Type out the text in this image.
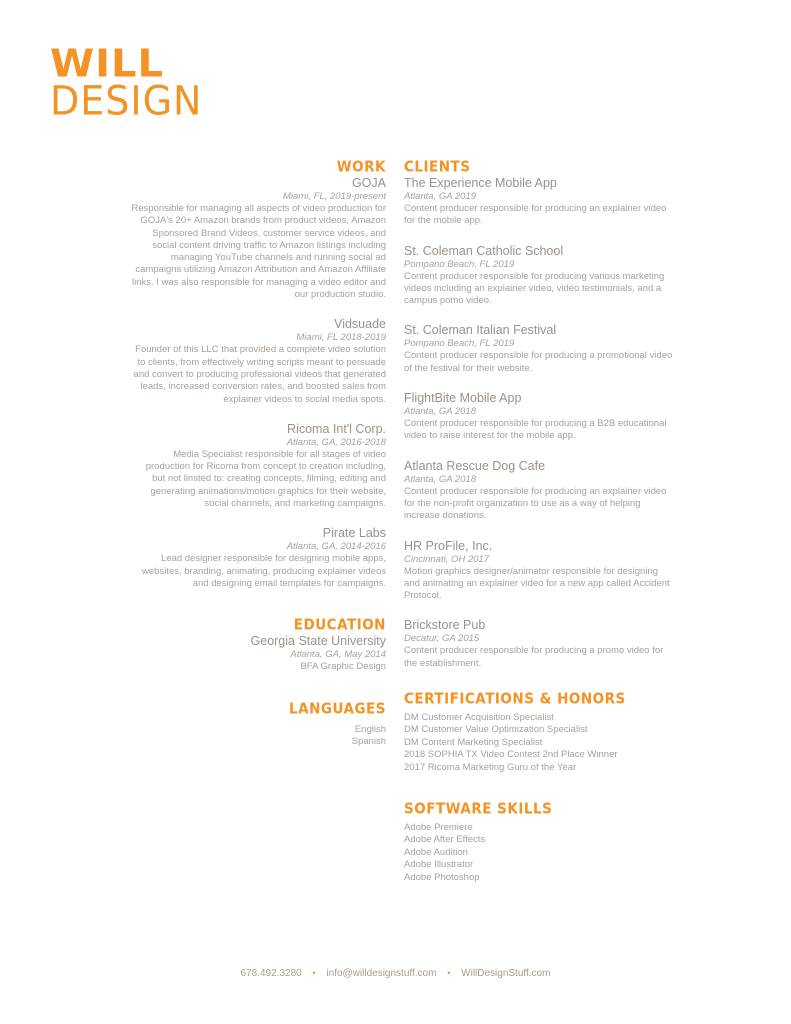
WILL
DESIGN
WORK
GOJA
Miami, FL, 2019-present
Responsible for managing all aspects of video production for GOJA's 20+ Amazon brands from product videos, Amazon Sponsored Brand Videos, customer service videos, and social content driving traffic to Amazon listings including managing YouTube channels and running social ad campaigns utilizing Amazon Attribution and Amazon Affiliate links. I was also responsible for managing a video editor and our production studio.
Vidsuade
Miami, FL 2018-2019
Founder of this LLC that provided a complete video solution to clients, from effectively writing scripts meant to persuade and convert to producing professional videos that generated leads, increased conversion rates, and boosted sales from explainer videos to social media spots.
Ricoma Int'l Corp.
Atlanta, GA, 2016-2018
Media Specialist responsible for all stages of video production for Ricoma from concept to creation including, but not limited to: creating concepts, filming, editing and generating animations/motion graphics for their website, social channels, and marketing campaigns.
Pirate Labs
Atlanta, GA, 2014-2016
Lead designer responsible for designing mobile apps, websites, branding, animating, producing explainer videos and designing email templates for campaigns.
EDUCATION
Georgia State University
Atlanta, GA, May 2014
BFA Graphic Design
LANGUAGES
English
Spanish
CLIENTS
The Experience Mobile App
Atlanta, GA 2019
Content producer responsible for producing an explainer video for the mobile app.
St. Coleman Catholic School
Pompano Beach, FL 2019
Content producer responsible for producing various marketing videos including an explainer video, video testimonials, and a campus pomo video.
St. Coleman Italian Festival
Pompano Beach, FL 2019
Content producer responsible for producing a promotional video of the festival for their website.
FlightBite Mobile App
Atlanta, GA 2018
Content producer responsible for producing a B2B educational video to raise interest for the mobile app.
Atlanta Rescue Dog Cafe
Atlanta, GA 2018
Content producer responsible for producing an explainer video for the non-profit organization to use as a way of helping increase donations.
HR ProFile, Inc.
Cincinnati, OH 2017
Motion graphics designer/animator responsible for designing and animating an explainer video for a new app called Accident Protocol.
Brickstore Pub
Decatur, GA 2015
Content producer responsible for producing a promo video for the establishment.
CERTIFICATIONS & HONORS
DM Customer Acquisition Specialist
DM Customer Value Optimization Specialist
DM Content Marketing Specialist
2018 SOPHIA TX Video Contest 2nd Place Winner
2017 Ricoma Marketing Guru of the Year
SOFTWARE SKILLS
Adobe Premiere
Adobe After Effects
Adobe Audition
Adobe Illustrator
Adobe Photoshop
678.492.3280 • info@willdesignstuff.com • WillDesignStuff.com
